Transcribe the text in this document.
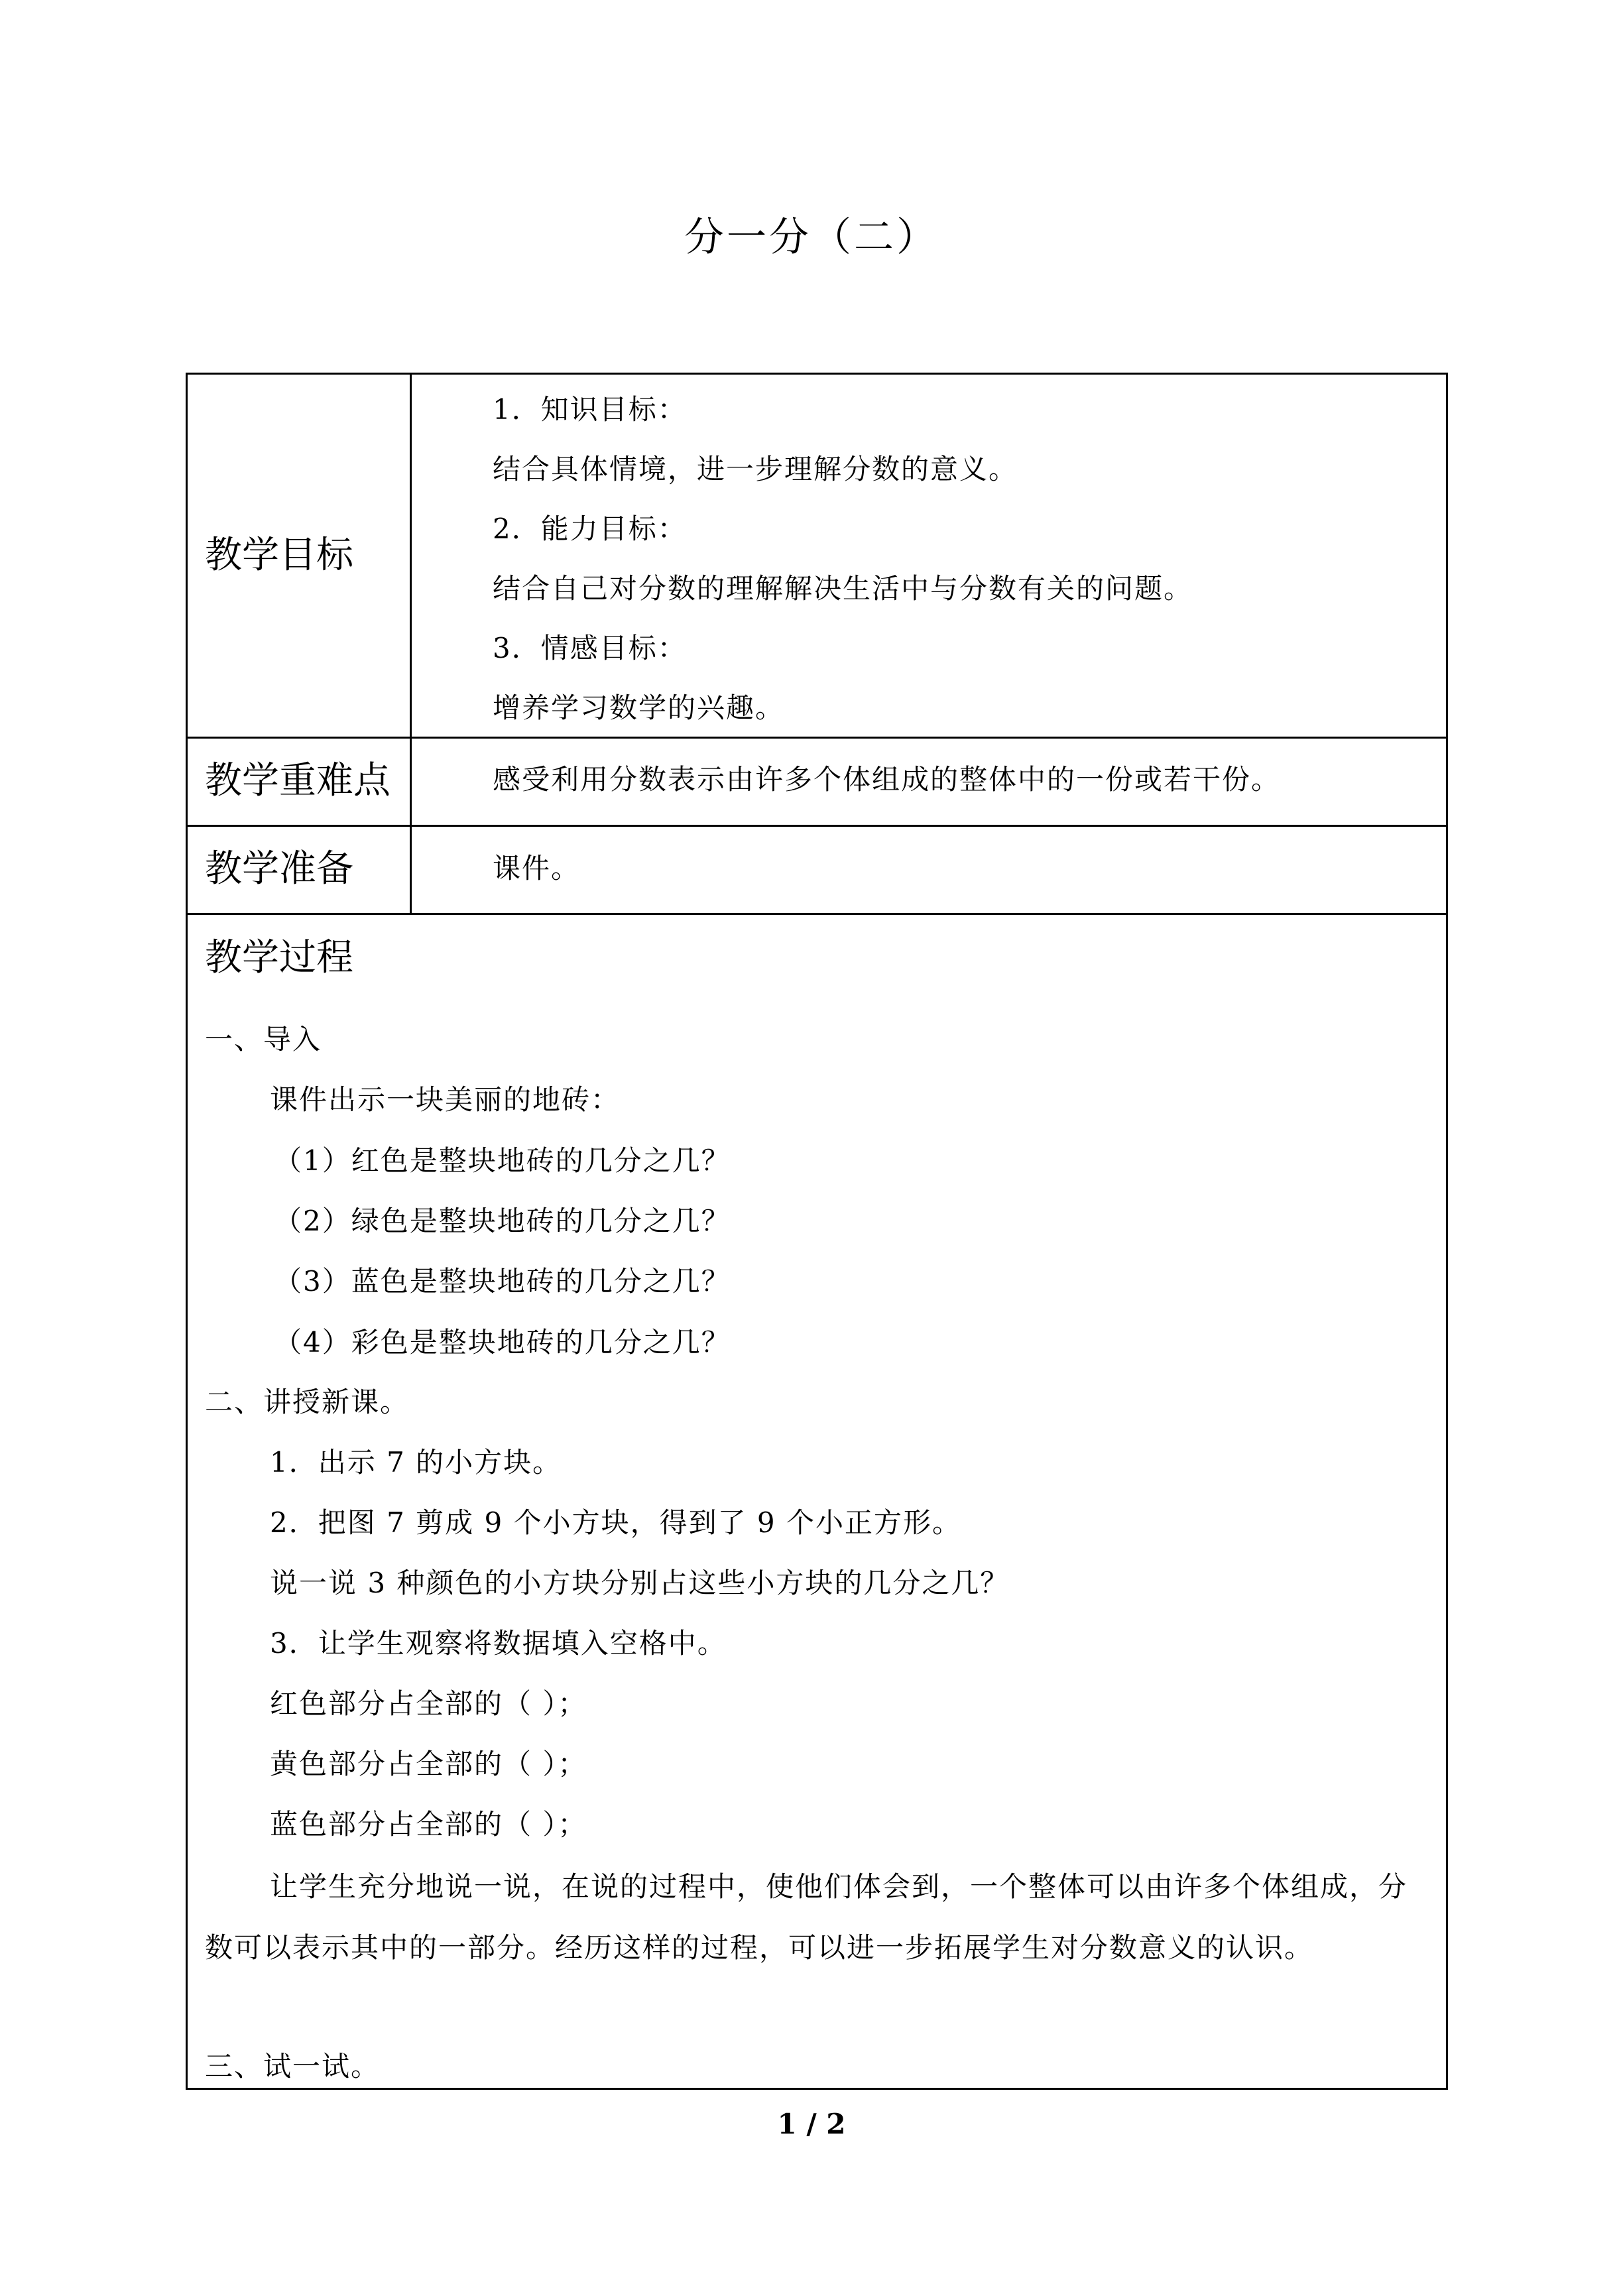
分一分（二）
教学目标
1．知识目标：
结合具体情境，进一步理解分数的意义。
2．能力目标：
结合自己对分数的理解解决生活中与分数有关的问题。
3．情感目标：
增养学习数学的兴趣。
教学重难点	感受利用分数表示由许多个体组成的整体中的一份或若干份。
教学准备	课件。
教学过程
一、导入
课件出示一块美丽的地砖：
（1）红色是整块地砖的几分之几？
（2）绿色是整块地砖的几分之几？
（3）蓝色是整块地砖的几分之几？
（4）彩色是整块地砖的几分之几？
二、讲授新课。
1．出示 7 的小方块。
2．把图 7 剪成 9 个小方块，得到了 9 个小正方形。
说一说 3 种颜色的小方块分别占这些小方块的几分之几？
3．让学生观察将数据填入空格中。
红色部分占全部的（ ）；
黄色部分占全部的（ ）；
蓝色部分占全部的（ ）；
让学生充分地说一说，在说的过程中，使他们体会到，一个整体可以由许多个体组成，分数可以表示其中的一部分。经历这样的过程，可以进一步拓展学生对分数意义的认识。
三、试一试。
1 / 2
